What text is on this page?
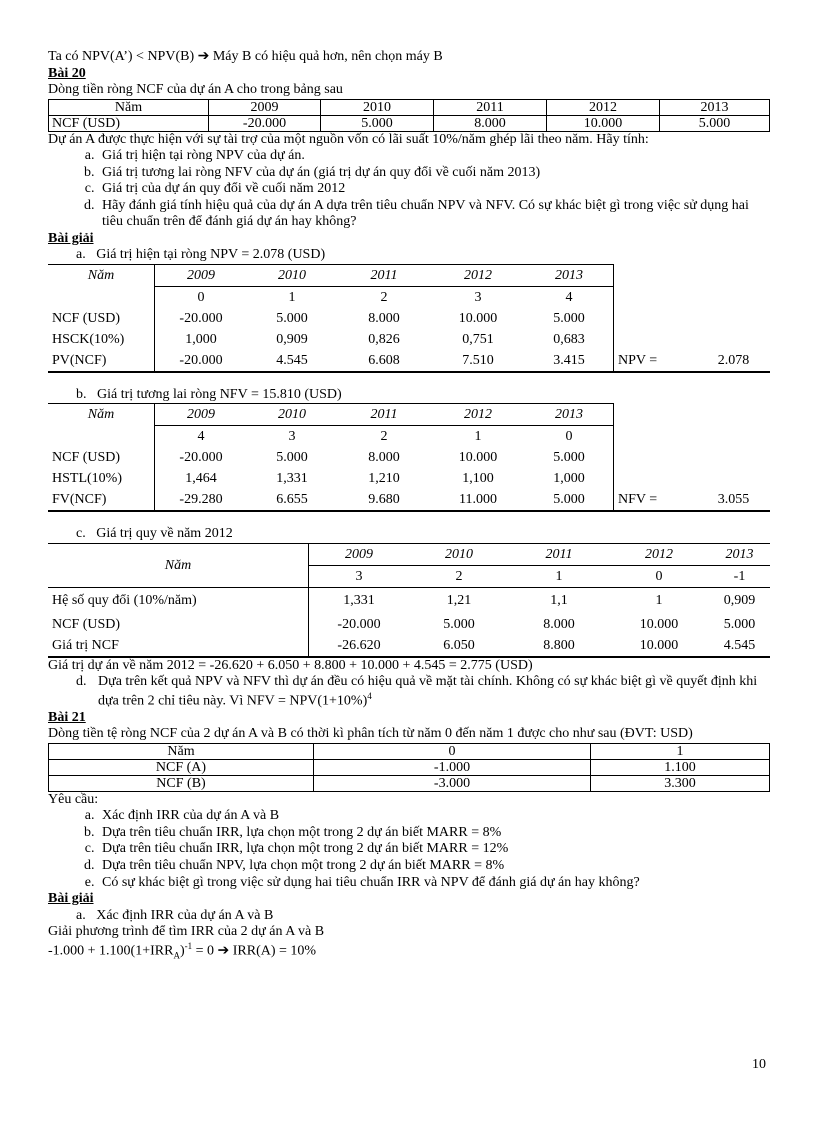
Ta có NPV(A’) < NPV(B) ➔ Máy B có hiệu quả hơn, nên chọn máy B

Bài 20

Dòng tiền ròng NCF của dự án A cho trong bảng sau

Năm	2009	2010	2011	2012	2013
NCF (USD)	-20.000	5.000	8.000	10.000	5.000

Dự án A được thực hiện với sự tài trợ của một nguồn vốn có lãi suất 10%/năm ghép lãi theo năm. Hãy tính:

a. Giá trị hiện tại ròng NPV của dự án.
b. Giá trị tương lai ròng NFV của dự án (giá trị dự án quy đổi về cuối năm 2013)
c. Giá trị của dự án quy đổi về cuối năm 2012
d. Hãy đánh giá tính hiệu quả của dự án A dựa trên tiêu chuẩn NPV và NFV. Có sự khác biệt gì trong việc sử dụng hai tiêu chuẩn trên để đánh giá dự án hay không?

Bài giải

a. Giá trị hiện tại ròng NPV = 2.078 (USD)

Năm	2009	2010	2011	2012	2013		
	0	1	2	3	4		
NCF (USD)	-20.000	5.000	8.000	10.000	5.000		
HSCK(10%)	1,000	0,909	0,826	0,751	0,683		
PV(NCF)	-20.000	4.545	6.608	7.510	3.415	NPV =	2.078

b. Giá trị tương lai ròng NFV = 15.810 (USD)

Năm	2009	2010	2011	2012	2013		
	4	3	2	1	0		
NCF (USD)	-20.000	5.000	8.000	10.000	5.000		
HSTL(10%)	1,464	1,331	1,210	1,100	1,000		
FV(NCF)	-29.280	6.655	9.680	11.000	5.000	NFV =	3.055

c. Giá trị quy về năm 2012

Năm	2009	2010	2011	2012	2013
	3	2	1	0	-1
Hệ số quy đổi (10%/năm)	1,331	1,21	1,1	1	0,909
NCF (USD)	-20.000	5.000	8.000	10.000	5.000
Giá trị NCF	-26.620	6.050	8.800	10.000	4.545

Giá trị dự án về năm 2012 = -26.620 + 6.050 + 8.800 + 10.000 + 4.545 = 2.775 (USD)

d. Dựa trên kết quả NPV và NFV thì dự án đều có hiệu quả về mặt tài chính. Không có sự khác biệt gì về quyết định khi dựa trên 2 chỉ tiêu này. Vì NFV = $NPV(1+10\%)^4$

Bài 21

Dòng tiền tệ ròng NCF của 2 dự án A và B có thời kì phân tích từ năm 0 đến năm 1 được cho như sau (ĐVT: USD)

Năm	0	1
NCF (A)	-1.000	1.100
NCF (B)	-3.000	3.300

Yêu cầu:

a. Xác định IRR của dự án A và B
b. Dựa trên tiêu chuẩn IRR, lựa chọn một trong 2 dự án biết MARR = 8%
c. Dựa trên tiêu chuẩn IRR, lựa chọn một trong 2 dự án biết MARR = 12%
d. Dựa trên tiêu chuẩn NPV, lựa chọn một trong 2 dự án biết MARR = 8%
e. Có sự khác biệt gì trong việc sử dụng hai tiêu chuẩn IRR và NPV để đánh giá dự án hay không?

Bài giải

a. Xác định IRR của dự án A và B

Giải phương trình để tìm IRR của 2 dự án A và B

$-1.000 + 1.100(1+IRR_A)^{-1} = 0$ ➔ IRR(A) = 10%

10
